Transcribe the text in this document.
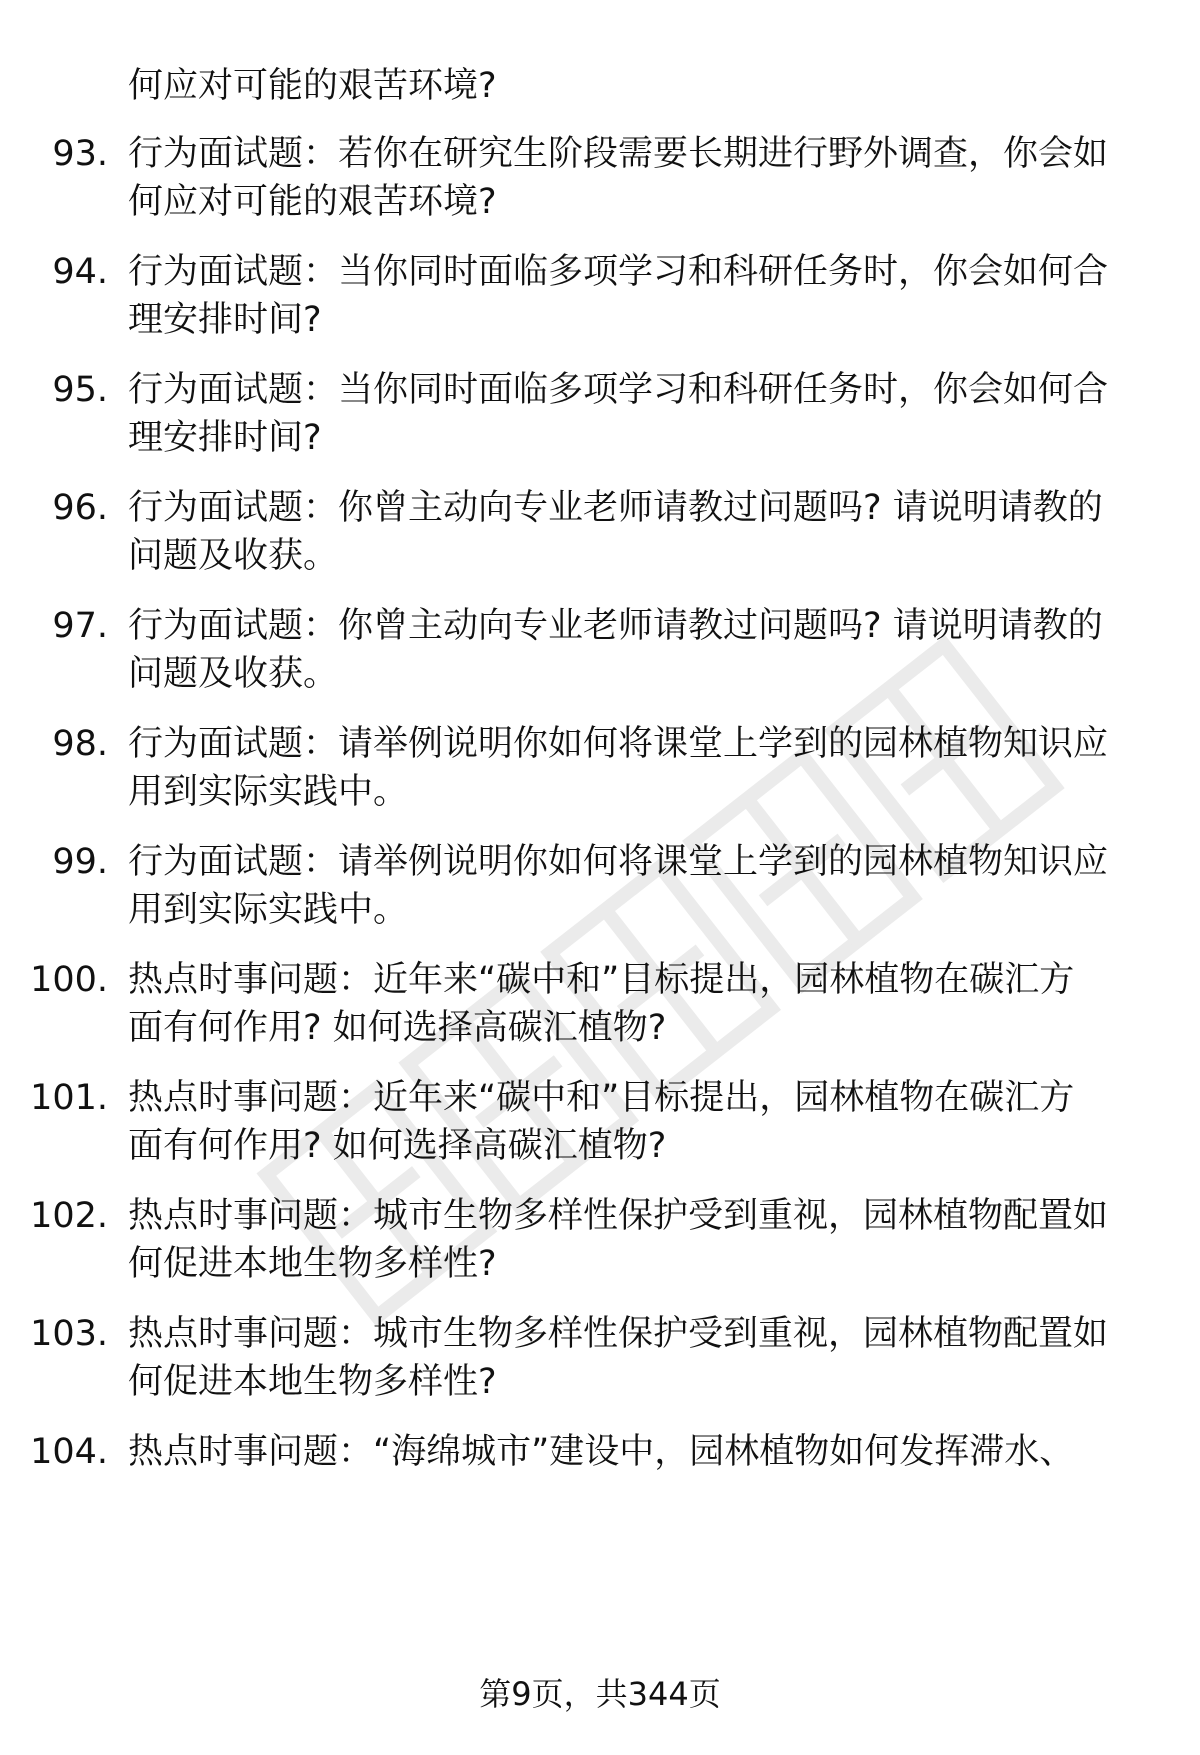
何应对可能的艰苦环境?
93. 行为面试题：若你在研究生阶段需要长期进行野外调查，你会如
何应对可能的艰苦环境?
94. 行为面试题：当你同时面临多项学习和科研任务时，你会如何合
理安排时间?
95. 行为面试题：当你同时面临多项学习和科研任务时，你会如何合
理安排时间?
96. 行为面试题：你曾主动向专业老师请教过问题吗? 请说明请教的
问题及收获。
97. 行为面试题：你曾主动向专业老师请教过问题吗? 请说明请教的
问题及收获。
98. 行为面试题：请举例说明你如何将课堂上学到的园林植物知识应
用到实际实践中。
99. 行为面试题：请举例说明你如何将课堂上学到的园林植物知识应
用到实际实践中。
100. 热点时事问题：近年来“碳中和”目标提出，园林植物在碳汇方
面有何作用? 如何选择高碳汇植物?
101. 热点时事问题：近年来“碳中和”目标提出，园林植物在碳汇方
面有何作用? 如何选择高碳汇植物?
102. 热点时事问题：城市生物多样性保护受到重视，园林植物配置如
何促进本地生物多样性?
103. 热点时事问题：城市生物多样性保护受到重视，园林植物配置如
何促进本地生物多样性?
104. 热点时事问题：“海绵城市”建设中，园林植物如何发挥滞水、
第9页，共344页
